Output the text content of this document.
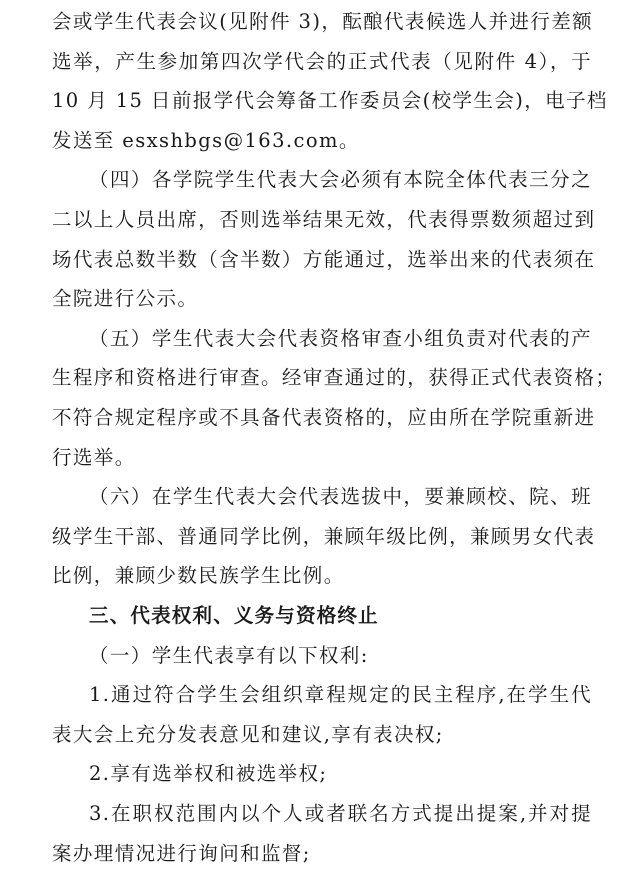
会或学生代表会议(见附件 3)，酝酿代表候选人并进行差额

选举，产生参加第四次学代会的正式代表（见附件 4），于

10 月 15 日前报学代会筹备工作委员会(校学生会)，电子档

发送至 esxshbgs@163.com。

（四）各学院学生代表大会必须有本院全体代表三分之

二以上人员出席，否则选举结果无效，代表得票数须超过到

场代表总数半数（含半数）方能通过，选举出来的代表须在

全院进行公示。

（五）学生代表大会代表资格审查小组负责对代表的产

生程序和资格进行审查。经审查通过的，获得正式代表资格；

不符合规定程序或不具备代表资格的，应由所在学院重新进

行选举。

（六）在学生代表大会代表选拔中，要兼顾校、院、班

级学生干部、普通同学比例，兼顾年级比例，兼顾男女代表

比例，兼顾少数民族学生比例。

三、代表权利、义务与资格终止

（一）学生代表享有以下权利:

1.通过符合学生会组织章程规定的民主程序,在学生代

表大会上充分发表意见和建议,享有表决权;

2.享有选举权和被选举权;

3.在职权范围内以个人或者联名方式提出提案,并对提

案办理情况进行询问和监督;
